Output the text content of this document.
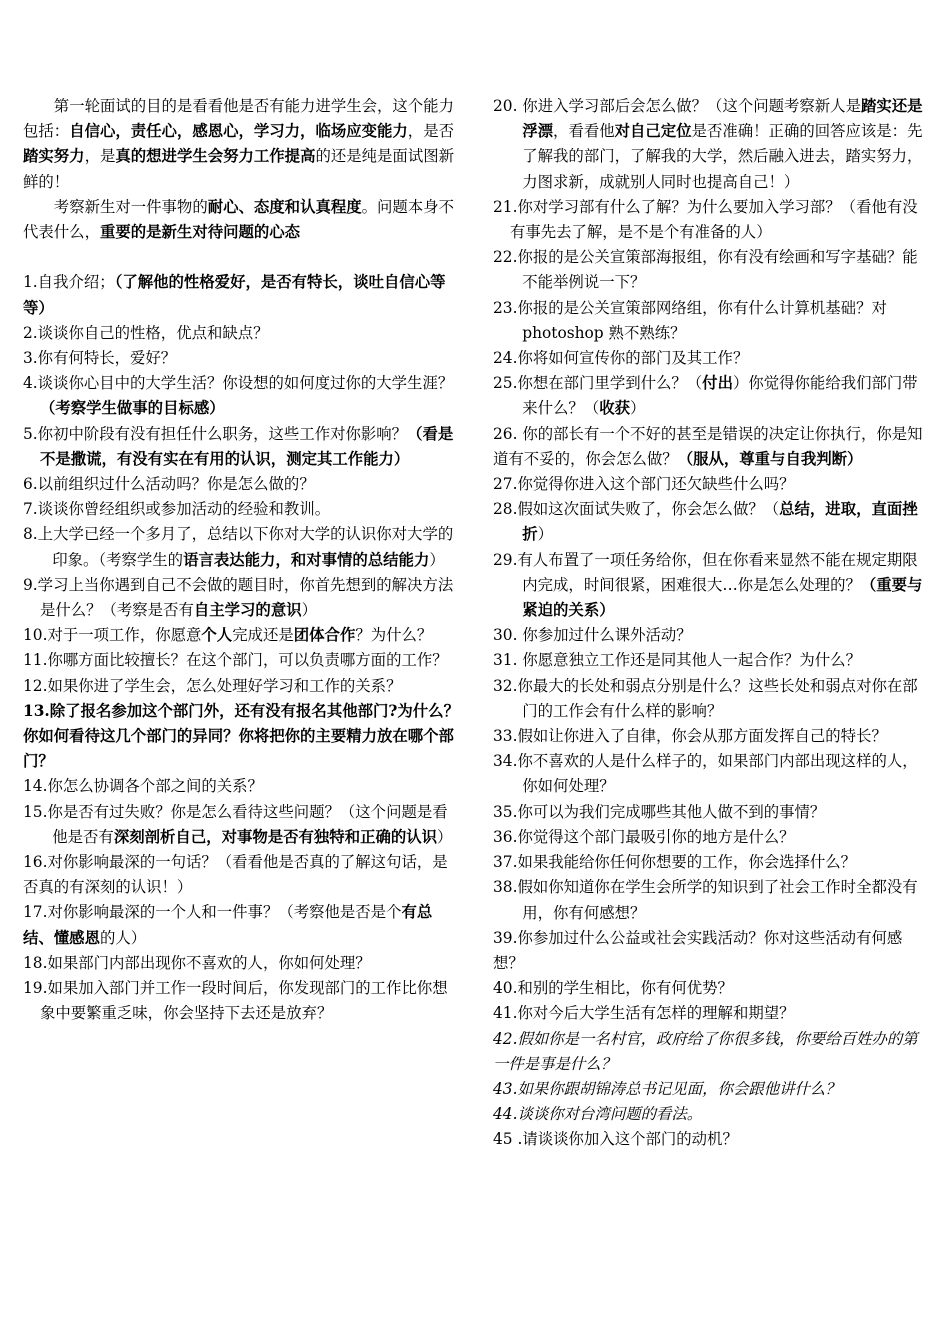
第一轮面试的目的是看看他是否有能力进学生会，这个能力包括：自信心，责任心，感恩心，学习力，临场应变能力，是否踏实努力，是真的想进学生会努力工作提高的还是纯是面试图新鲜的！

考察新生对一件事物的耐心、态度和认真程度。问题本身不代表什么，重要的是新生对待问题的心态

1.自我介绍；（了解他的性格爱好，是否有特长，谈吐自信心等等）

2.谈谈你自己的性格，优点和缺点？

3.你有何特长，爱好？

4.谈谈你心目中的大学生活？你设想的如何度过你的大学生涯？（考察学生做事的目标感）

5.你初中阶段有没有担任什么职务，这些工作对你影响？（看是不是撒谎，有没有实在有用的认识，测定其工作能力）

6.以前组织过什么活动吗？你是怎么做的？

7.谈谈你曾经组织或参加活动的经验和教训。

8.上大学已经一个多月了，总结以下你对大学的认识你对大学的印象。（考察学生的语言表达能力，和对事情的总结能力）

9.学习上当你遇到自己不会做的题目时，你首先想到的解决方法是什么？（考察是否有自主学习的意识）

10.对于一项工作，你愿意个人完成还是团体合作？为什么？

11.你哪方面比较擅长？在这个部门，可以负责哪方面的工作？

12.如果你进了学生会，怎么处理好学习和工作的关系？

13.除了报名参加这个部门外，还有没有报名其他部门?为什么？你如何看待这几个部门的异同？你将把你的主要精力放在哪个部门？

14.你怎么协调各个部之间的关系？

15.你是否有过失败？你是怎么看待这些问题？（这个问题是看他是否有深刻剖析自己，对事物是否有独特和正确的认识）

16.对你影响最深的一句话？（看看他是否真的了解这句话，是否真的有深刻的认识！）

17.对你影响最深的一个人和一件事？（考察他是否是个有总结、懂感恩的人）

18.如果部门内部出现你不喜欢的人，你如何处理？

19.如果加入部门并工作一段时间后，你发现部门的工作比你想象中要繁重乏味，你会坚持下去还是放弃？

20. 你进入学习部后会怎么做？（这个问题考察新人是踏实还是浮漂，看看他对自己定位是否准确！正确的回答应该是：先了解我的部门，了解我的大学，然后融入进去，踏实努力，力图求新，成就别人同时也提高自己！）

21.你对学习部有什么了解？为什么要加入学习部？（看他有没有事先去了解，是不是个有准备的人）

22.你报的是公关宣策部海报组，你有没有绘画和写字基础？能不能举例说一下？

23.你报的是公关宣策部网络组，你有什么计算机基础？对 photoshop 熟不熟练？

24.你将如何宣传你的部门及其工作？

25.你想在部门里学到什么？（付出）你觉得你能给我们部门带来什么？（收获）

26. 你的部长有一个不好的甚至是错误的决定让你执行，你是知道有不妥的，你会怎么做？（服从，尊重与自我判断）

27.你觉得你进入这个部门还欠缺些什么吗？

28.假如这次面试失败了，你会怎么做？（总结，进取，直面挫折）

29.有人布置了一项任务给你，但在你看来显然不能在规定期限内完成，时间很紧，困难很大…你是怎么处理的？（重要与紧迫的关系）

30. 你参加过什么课外活动？

31. 你愿意独立工作还是同其他人一起合作？为什么？

32.你最大的长处和弱点分别是什么？这些长处和弱点对你在部门的工作会有什么样的影响？

33.假如让你进入了自律，你会从那方面发挥自己的特长？

34.你不喜欢的人是什么样子的，如果部门内部出现这样的人，你如何处理？

35.你可以为我们完成哪些其他人做不到的事情？

36.你觉得这个部门最吸引你的地方是什么？

37.如果我能给你任何你想要的工作，你会选择什么？

38.假如你知道你在学生会所学的知识到了社会工作时全都没有用，你有何感想？

39.你参加过什么公益或社会实践活动？你对这些活动有何感想？

40.和别的学生相比，你有何优势？

41.你对今后大学生活有怎样的理解和期望？

42.假如你是一名村官，政府给了你很多钱，你要给百姓办的第一件是事是什么？

43.如果你跟胡锦涛总书记见面，你会跟他讲什么？

44.谈谈你对台湾问题的看法。

45 .请谈谈你加入这个部门的动机？
